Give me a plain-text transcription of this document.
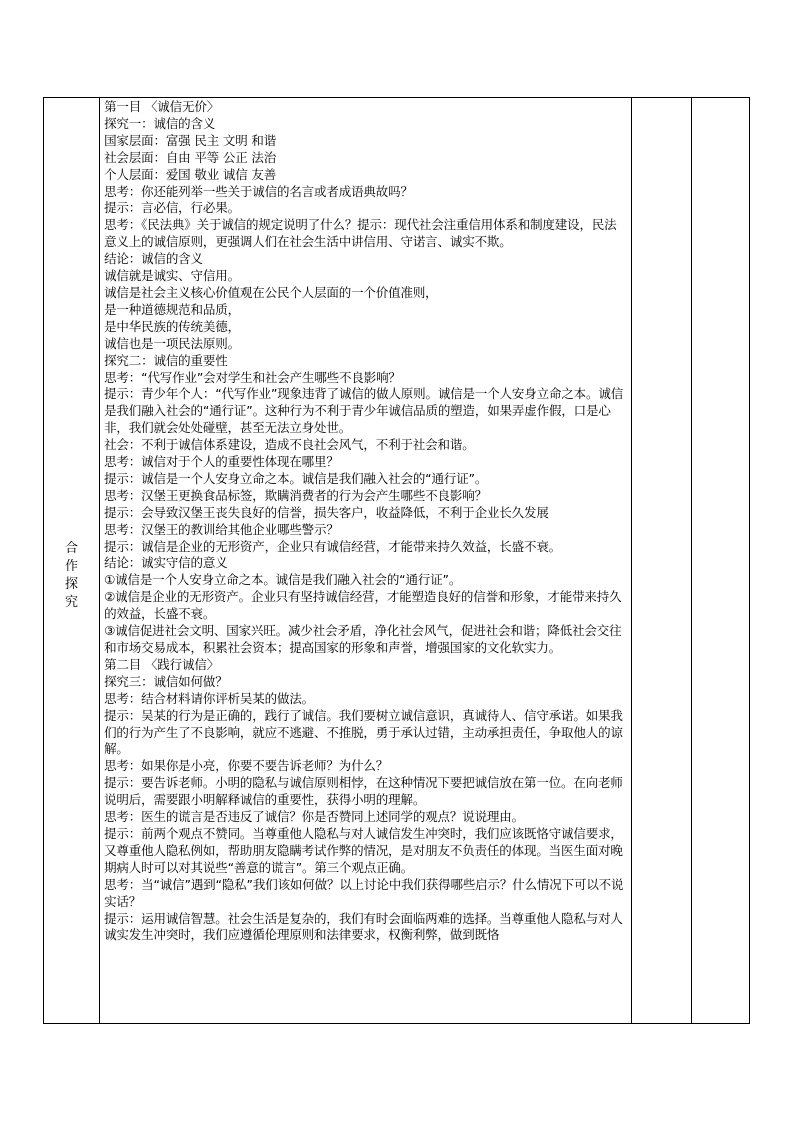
合作探究	
第一目 〈诚信无价〉
探究一：诚信的含义
国家层面：富强 民主 文明 和谐
社会层面：自由 平等 公正 法治
个人层面：爱国 敬业 诚信 友善
思考：你还能列举一些关于诚信的名言或者成语典故吗？
提示：言必信，行必果。
思考：《民法典》关于诚信的规定说明了什么？提示：现代社会注重信用体系和制度建设，民法意义上的诚信原则，更强调人们在社会生活中讲信用、守诺言、诚实不欺。
结论：诚信的含义
诚信就是诚实、守信用。
诚信是社会主义核心价值观在公民个人层面的一个价值准则，
是一种道德规范和品质，
是中华民族的传统美德，
诚信也是一项民法原则。
探究二：诚信的重要性
思考：“代写作业”会对学生和社会产生哪些不良影响？
提示：青少年个人：“代写作业”现象违背了诚信的做人原则。诚信是一个人安身立命之本。诚信是我们融入社会的“通行证”。这种行为不利于青少年诚信品质的塑造，如果弄虚作假，口是心非，我们就会处处碰壁，甚至无法立身处世。
社会：不利于诚信体系建设，造成不良社会风气，不利于社会和谐。
思考：诚信对于个人的重要性体现在哪里？
提示：诚信是一个人安身立命之本。诚信是我们融入社会的“通行证”。
思考：汉堡王更换食品标签，欺瞒消费者的行为会产生哪些不良影响？
提示：会导致汉堡王丧失良好的信誉，损失客户，收益降低，不利于企业长久发展
思考：汉堡王的教训给其他企业哪些警示？
提示：诚信是企业的无形资产，企业只有诚信经营，才能带来持久效益，长盛不衰。
结论：诚实守信的意义
①诚信是一个人安身立命之本。诚信是我们融入社会的“通行证”。
②诚信是企业的无形资产。企业只有坚持诚信经营，才能塑造良好的信誉和形象，才能带来持久的效益，长盛不衰。
③诚信促进社会文明、国家兴旺。减少社会矛盾，净化社会风气，促进社会和谐；降低社会交往和市场交易成本，积累社会资本；提高国家的形象和声誉，增强国家的文化软实力。
第二目 〈践行诚信〉
探究三：诚信如何做？
思考：结合材料请你评析吴某的做法。
提示：吴某的行为是正确的，践行了诚信。我们要树立诚信意识，真诚待人、信守承诺。如果我们的行为产生了不良影响，就应不逃避、不推脱，勇于承认过错，主动承担责任，争取他人的谅解。
思考：如果你是小亮，你要不要告诉老师？为什么？
提示：要告诉老师。小明的隐私与诚信原则相悖，在这种情况下要把诚信放在第一位。在向老师说明后，需要跟小明解释诚信的重要性，获得小明的理解。
思考：医生的谎言是否违反了诚信？你是否赞同上述同学的观点？说说理由。
提示：前两个观点不赞同。当尊重他人隐私与对人诚信发生冲突时，我们应该既恪守诚信要求，又尊重他人隐私例如，帮助朋友隐瞒考试作弊的情况，是对朋友不负责任的体现。当医生面对晚期病人时可以对其说些“善意的谎言”。第三个观点正确。
思考：当“诚信”遇到“隐私”我们该如何做？以上讨论中我们获得哪些启示？什么情况下可以不说实话？
提示：运用诚信智慧。社会生活是复杂的，我们有时会面临两难的选择。当尊重他人隐私与对人诚实发生冲突时，我们应遵循伦理原则和法律要求，权衡利弊，做到既恪
